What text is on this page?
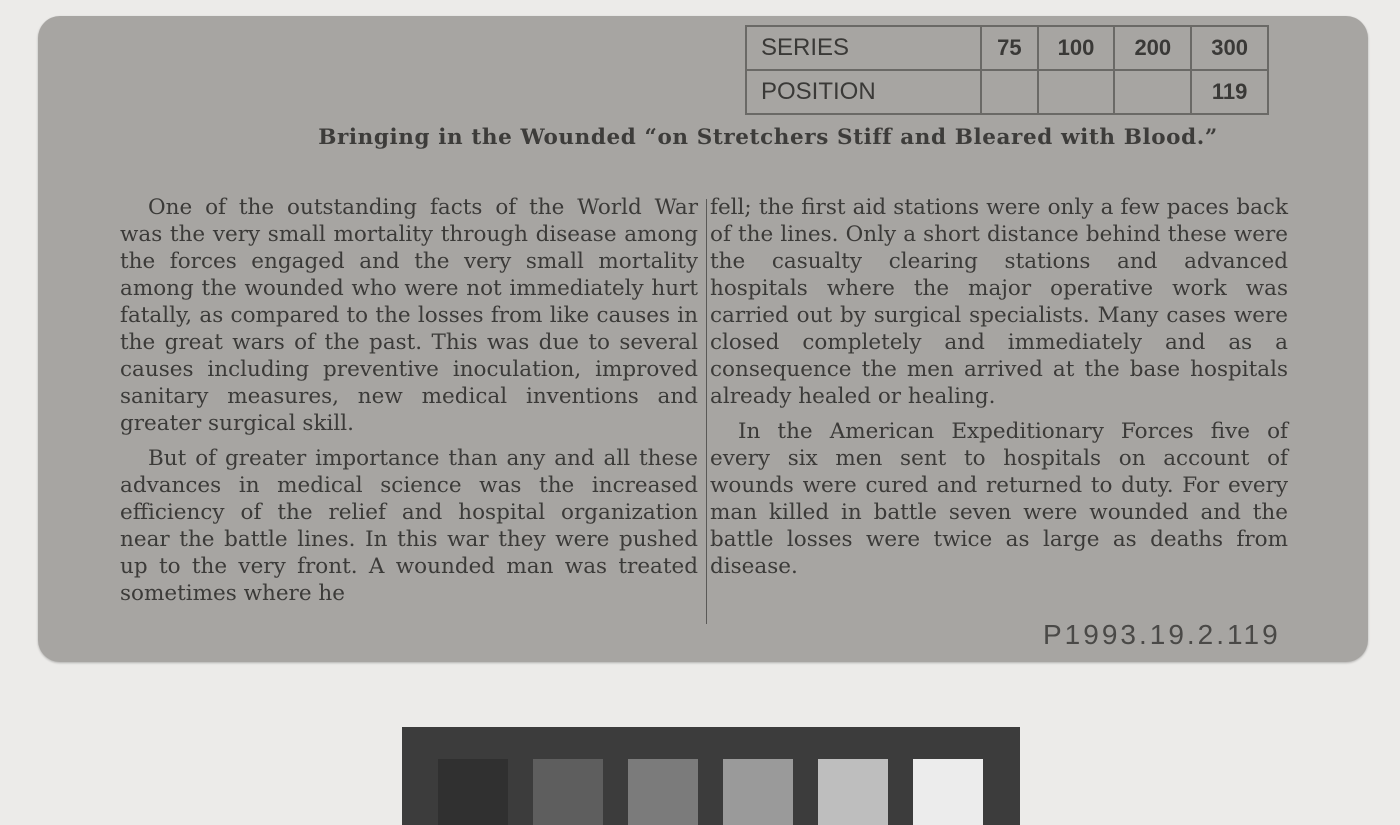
SERIES	75	100	200	300
POSITION				119
Bringing in the Wounded “on Stretchers Stiff and Bleared with Blood.”

One of the outstanding facts of the World War was the very small mortality through disease among the forces engaged and the very small mortality among the wounded who were not immediately hurt fatally, as compared to the losses from like causes in the great wars of the past. This was due to several causes including preventive inoculation, improved sanitary measures, new medical inventions and greater surgical skill.

But of greater importance than any and all these advances in medical science was the increased efficiency of the relief and hospital organization near the battle lines. In this war they were pushed up to the very front. A wounded man was treated sometimes where he

fell; the first aid stations were only a few paces back of the lines. Only a short distance behind these were the casualty clearing stations and advanced hospitals where the major operative work was carried out by surgical specialists. Many cases were closed completely and immediately and as a consequence the men arrived at the base hospitals already healed or healing.

In the American Expeditionary Forces five of every six men sent to hospitals on account of wounds were cured and returned to duty. For every man killed in battle seven were wounded and the battle losses were twice as large as deaths from disease.

P1993.19.2.119
